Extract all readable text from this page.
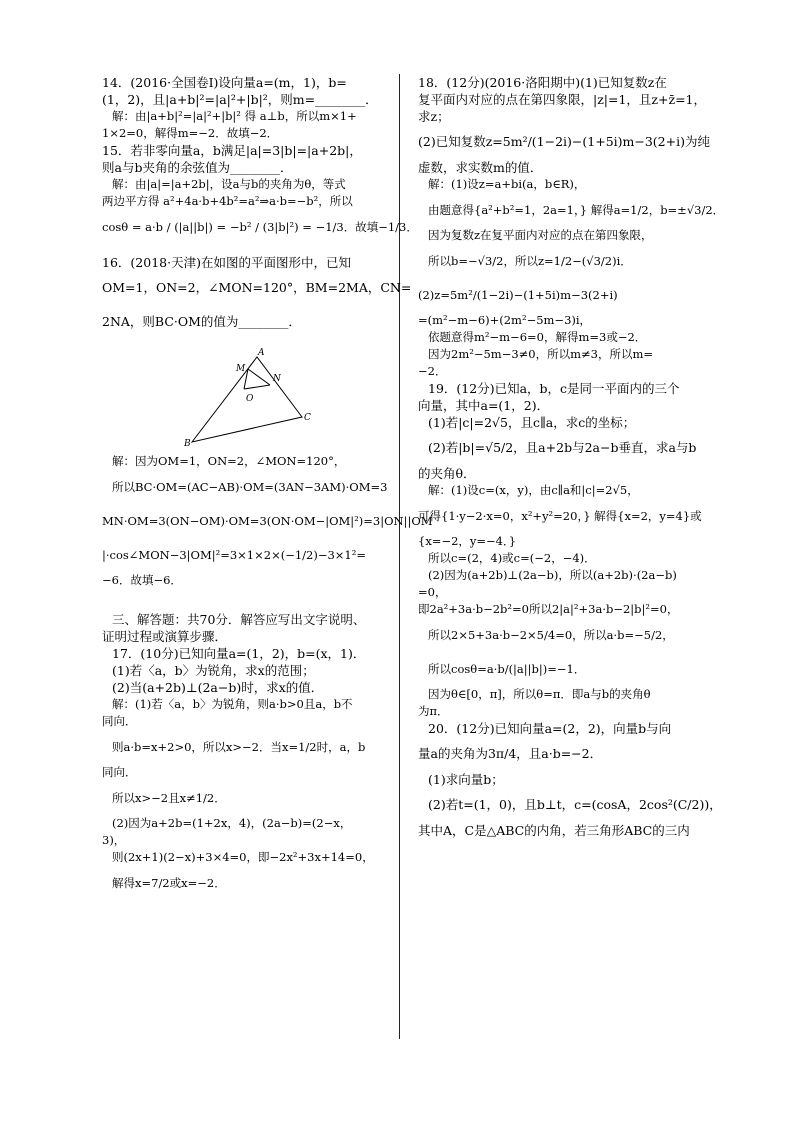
14．(2016·全国卷Ⅰ)设向量a=(m，1)，b=
(1，2)，且|a+b|²=|a|²+|b|²，则m=________．
解：由|a+b|²=|a|²+|b|² 得 a⊥b，所以m×1+
1×2=0，解得m=−2．故填−2．
15．若非零向量a，b满足|a|=3|b|=|a+2b|，
则a与b夹角的余弦值为________．
解：由|a|=|a+2b|，设a与b的夹角为θ，等式
两边平方得 a²+4a·b+4b²=a²⇒a·b=−b²，所以
cosθ = a·b / (|a||b|) = −b² / (3|b|²) = −1/3．故填−1/3．
16．(2018·天津)在如图的平面图形中，已知
OM=1，ON=2，∠MON=120°，BM=2MA，CN=
2NA，则BC·OM的值为________．
A
N
M
O
C
B
解：因为OM=1，ON=2，∠MON=120°，
所以BC·OM=(AC−AB)·OM=(3AN−3AM)·OM=3
MN·OM=3(ON−OM)·OM=3(ON·OM−|OM|²)=3|ON||OM
|·cos∠MON−3|OM|²=3×1×2×(−1/2)−3×1²=
−6．故填−6．
三、解答题：共70分．解答应写出文字说明、
证明过程或演算步骤．
17．(10分)已知向量a=(1，2)，b=(x，1)．
(1)若〈a，b〉为锐角，求x的范围；
(2)当(a+2b)⊥(2a−b)时，求x的值．
解：(1)若〈a，b〉为锐角，则a·b>0且a，b不
同向．
则a·b=x+2>0，所以x>−2．当x=1/2时，a，b
同向．
所以x>−2且x≠1/2．
(2)因为a+2b=(1+2x，4)，(2a−b)=(2−x，
3)，
则(2x+1)(2−x)+3×4=0，即−2x²+3x+14=0，
解得x=7/2或x=−2．
18．(12分)(2016·洛阳期中)(1)已知复数z在
复平面内对应的点在第四象限，|z|=1，且z+z̄=1，
求z；
(2)已知复数z=5m²/(1−2i)−(1+5i)m−3(2+i)为纯
虚数，求实数m的值．
解：(1)设z=a+bi(a，b∈R)，
由题意得{a²+b²=1，2a=1，} 解得a=1/2，b=±√3/2．
因为复数z在复平面内对应的点在第四象限，
所以b=−√3/2，所以z=1/2−(√3/2)i．
(2)z=5m²/(1−2i)−(1+5i)m−3(2+i)
=(m²−m−6)+(2m²−5m−3)i，
依题意得m²−m−6=0，解得m=3或−2．
因为2m²−5m−3≠0，所以m≠3，所以m=
−2．
19．(12分)已知a，b，c是同一平面内的三个
向量，其中a=(1，2)．
(1)若|c|=2√5，且c∥a，求c的坐标；
(2)若|b|=√5/2，且a+2b与2a−b垂直，求a与b
的夹角θ．
解：(1)设c=(x，y)，由c∥a和|c|=2√5，
可得{1·y−2·x=0，x²+y²=20，} 解得{x=2，y=4}或
{x=−2，y=−4．}
所以c=(2，4)或c=(−2，−4)．
(2)因为(a+2b)⊥(2a−b)，所以(a+2b)·(2a−b)
=0，
即2a²+3a·b−2b²=0所以2|a|²+3a·b−2|b|²=0，
所以2×5+3a·b−2×5/4=0，所以a·b=−5/2，
所以cosθ=a·b/(|a||b|)=−1．
因为θ∈[0，π]，所以θ=π．即a与b的夹角θ
为π．
20．(12分)已知向量a=(2，2)，向量b与向
量a的夹角为3π/4，且a·b=−2．
(1)求向量b；
(2)若t=(1，0)，且b⊥t，c=(cosA，2cos²(C/2))，
其中A，C是△ABC的内角，若三角形ABC的三内
